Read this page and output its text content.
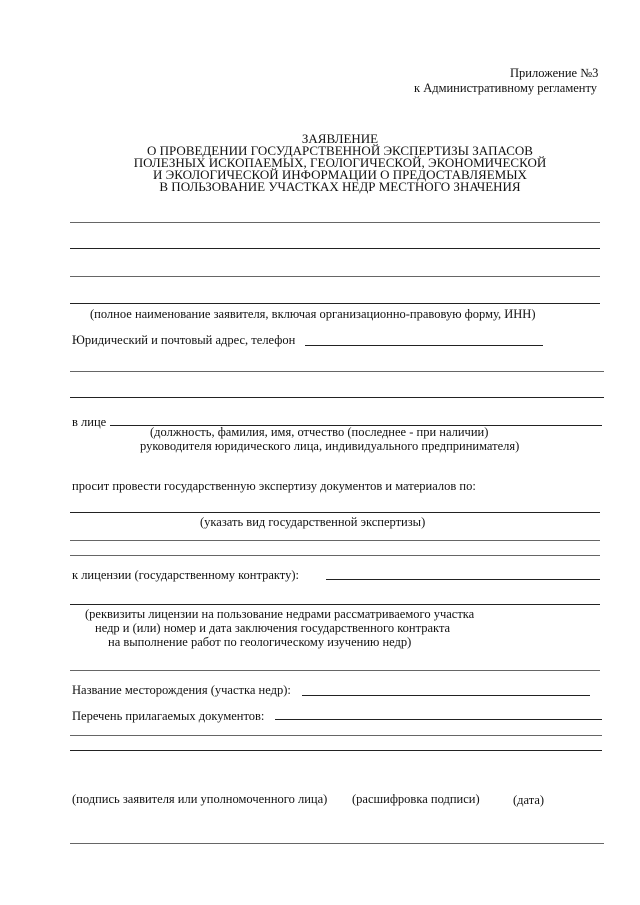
Приложение №3
к Административному регламенту
ЗАЯВЛЕНИЕ
О ПРОВЕДЕНИИ ГОСУДАРСТВЕННОЙ ЭКСПЕРТИЗЫ ЗАПАСОВ
ПОЛЕЗНЫХ ИСКОПАЕМЫХ, ГЕОЛОГИЧЕСКОЙ, ЭКОНОМИЧЕСКОЙ
И ЭКОЛОГИЧЕСКОЙ ИНФОРМАЦИИ О ПРЕДОСТАВЛЯЕМЫХ
В ПОЛЬЗОВАНИЕ УЧАСТКАХ НЕДР МЕСТНОГО ЗНАЧЕНИЯ
(полное наименование заявителя, включая организационно-правовую форму, ИНН)
Юридический и почтовый адрес, телефон
в лице
(должность, фамилия, имя, отчество (последнее - при наличии)
руководителя юридического лица, индивидуального предпринимателя)
просит провести государственную экспертизу документов и материалов по:
(указать вид государственной экспертизы)
к лицензии (государственному контракту):
(реквизиты лицензии на пользование недрами рассматриваемого участка
недр и (или) номер и дата заключения государственного контракта
на выполнение работ по геологическому изучению недр)
Название месторождения (участка недр):
Перечень прилагаемых документов:
(подпись заявителя или уполномоченного лица) (расшифровка подписи)	(дата)
